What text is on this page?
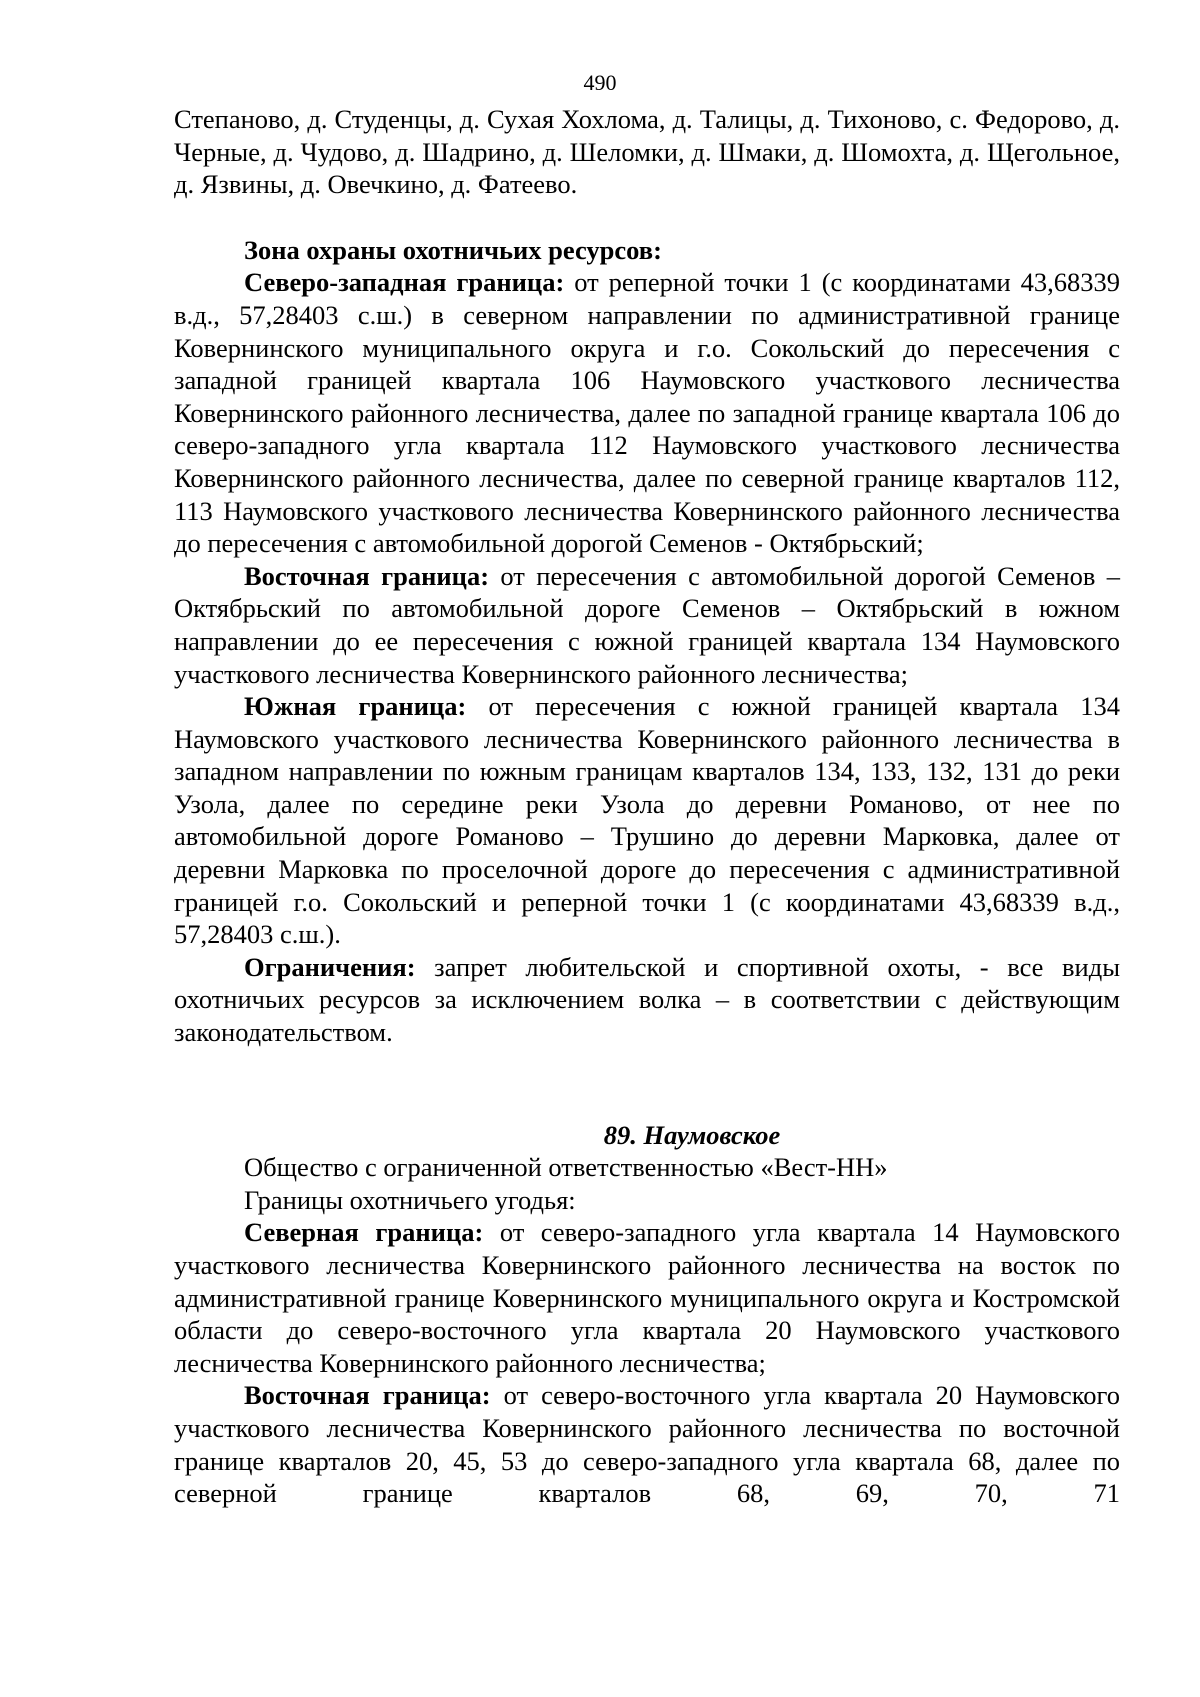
490

Степаново, д. Студенцы, д. Сухая Хохлома, д. Талицы, д. Тихоново, с. Федорово, д. Черные, д. Чудово, д. Шадрино, д. Шеломки, д. Шмаки, д. Шомохта, д. Щегольное, д. Язвины, д. Овечкино, д. Фатеево.

Зона охраны охотничьих ресурсов:

Северо-западная граница: от реперной точки 1 (с координатами 43,68339 в.д., 57,28403 с.ш.) в северном направлении по административной границе Ковернинского муниципального округа и г.о. Сокольский до пересечения с западной границей квартала 106 Наумовского участкового лесничества Ковернинского районного лесничества, далее по западной границе квартала 106 до северо-западного угла квартала 112 Наумовского участкового лесничества Ковернинского районного лесничества, далее по северной границе кварталов 112, 113 Наумовского участкового лесничества Ковернинского районного лесничества до пересечения с автомобильной дорогой Семенов - Октябрьский;

Восточная граница: от пересечения с автомобильной дорогой Семенов – Октябрьский по автомобильной дороге Семенов – Октябрьский в южном направлении до ее пересечения с южной границей квартала 134 Наумовского участкового лесничества Ковернинского районного лесничества;

Южная граница: от пересечения с южной границей квартала 134 Наумовского участкового лесничества Ковернинского районного лесничества в западном направлении по южным границам кварталов 134, 133, 132, 131 до реки Узола, далее по середине реки Узола до деревни Романово, от нее по автомобильной дороге Романово – Трушино до деревни Марковка, далее от деревни Марковка по проселочной дороге до пересечения с административной границей г.о. Сокольский и реперной точки 1 (с координатами 43,68339 в.д., 57,28403 с.ш.).

Ограничения: запрет любительской и спортивной охоты, - все виды охотничьих ресурсов за исключением волка – в соответствии с действующим законодательством.

89. Наумовское

Общество с ограниченной ответственностью «Вест-НН»

Границы охотничьего угодья:

Северная граница: от северо-западного угла квартала 14 Наумовского участкового лесничества Ковернинского районного лесничества на восток по административной границе Ковернинского муниципального округа и Костромской области до северо-восточного угла квартала 20 Наумовского участкового лесничества Ковернинского районного лесничества;

Восточная граница: от северо-восточного угла квартала 20 Наумовского участкового лесничества Ковернинского районного лесничества по восточной границе кварталов 20, 45, 53 до северо-западного угла квартала 68, далее по северной границе кварталов 68, 69, 70, 71
